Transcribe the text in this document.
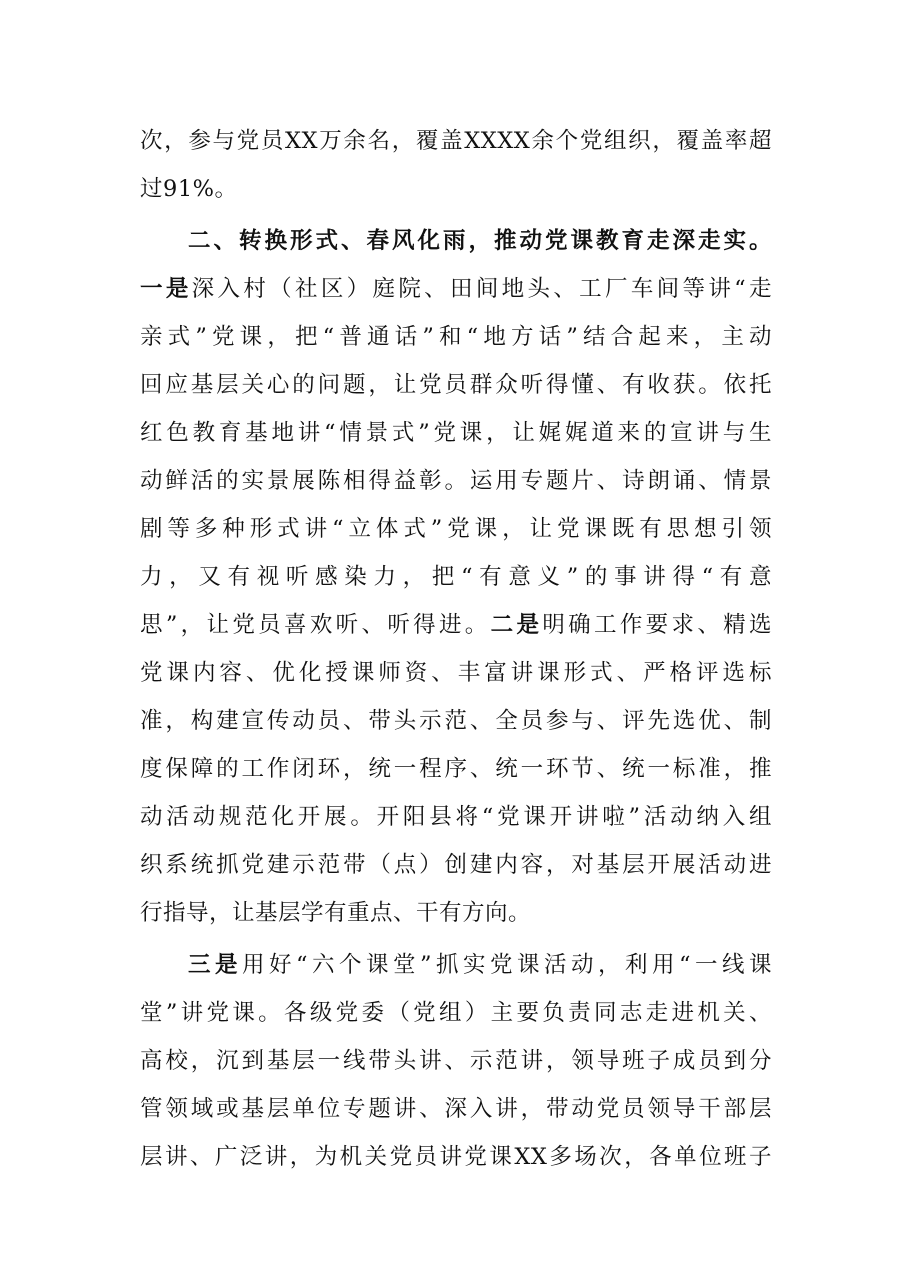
次，参与党员XX万余名，覆盖XXXX余个党组织，覆盖率超
过91%。
二、转换形式、春风化雨，推动党课教育走深走实。
一是深入村（社区）庭院、田间地头、工厂车间等讲“走
亲式”党课，把“普通话”和“地方话”结合起来，主动
回应基层关心的问题，让党员群众听得懂、有收获。依托
红色教育基地讲“情景式”党课，让娓娓道来的宣讲与生
动鲜活的实景展陈相得益彰。运用专题片、诗朗诵、情景
剧等多种形式讲“立体式”党课，让党课既有思想引领
力，又有视听感染力，把“有意义”的事讲得“有意
思”，让党员喜欢听、听得进。二是明确工作要求、精选
党课内容、优化授课师资、丰富讲课形式、严格评选标
准，构建宣传动员、带头示范、全员参与、评先选优、制
度保障的工作闭环，统一程序、统一环节、统一标准，推
动活动规范化开展。开阳县将“党课开讲啦”活动纳入组
织系统抓党建示范带（点）创建内容，对基层开展活动进
行指导，让基层学有重点、干有方向。
三是用好“六个课堂”抓实党课活动，利用“一线课
堂”讲党课。各级党委（党组）主要负责同志走进机关、
高校，沉到基层一线带头讲、示范讲，领导班子成员到分
管领域或基层单位专题讲、深入讲，带动党员领导干部层
层讲、广泛讲，为机关党员讲党课XX多场次，各单位班子
